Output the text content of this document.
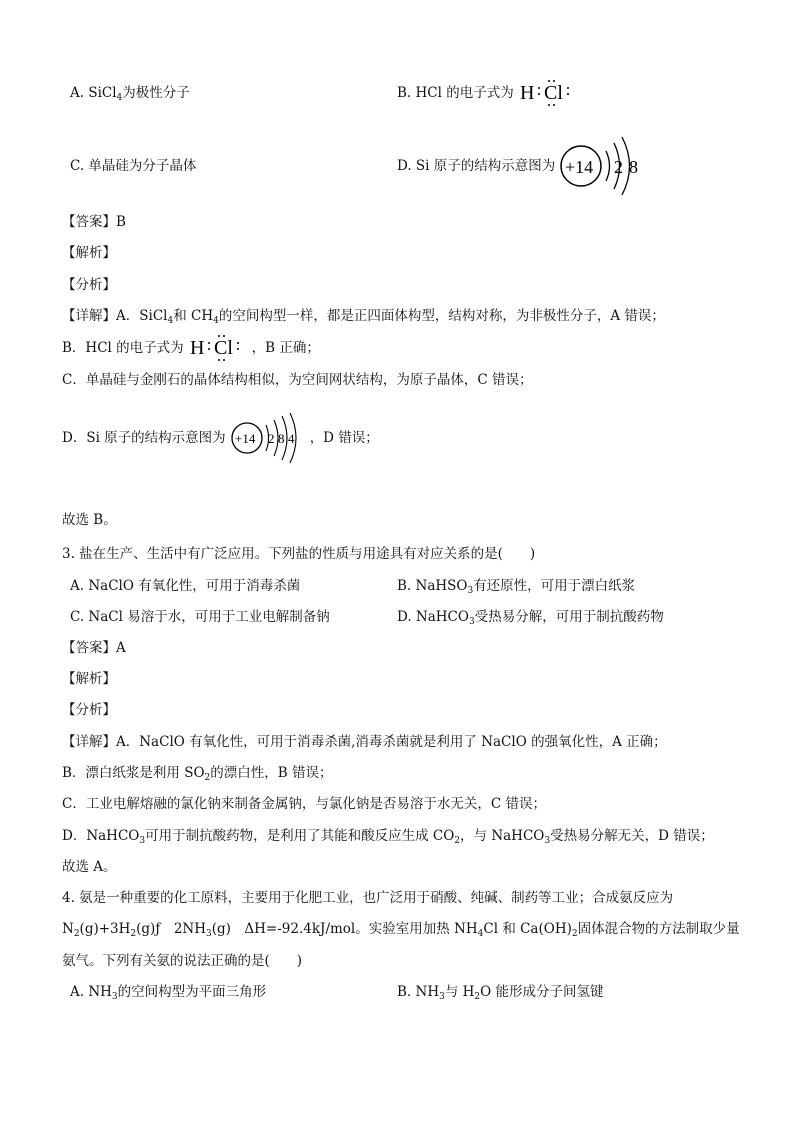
A. SiCl$_4$为极性分子	B. HCl 的电子式为 H Cl
C. 单晶硅为分子晶体	D. Si 原子的结构示意图为 +14 2 8
【答案】B
【解析】
【分析】
【详解】A．SiCl$_4$和 $CH_4$的空间构型一样，都是正四面体构型，结构对称，为非极性分子，A 错误；
B．HCl 的电子式为 H Cl ，B 正确；
C．单晶硅与金刚石的晶体结构相似，为空间网状结构，为原子晶体，C 错误；
D．Si 原子的结构示意图为 +14 2 8 4 ，D 错误；
故选 B。
3. 盐在生产、生活中有广泛应用。下列盐的性质与用途具有对应关系的是(　　)
A. NaClO 有氧化性，可用于消毒杀菌	B. NaHSO$_3$有还原性，可用于漂白纸浆
C. NaCl 易溶于水，可用于工业电解制备钠	D. NaHCO$_3$受热易分解，可用于制抗酸药物
【答案】A
【解析】
【分析】
【详解】A．NaClO 有氧化性，可用于消毒杀菌,消毒杀菌就是利用了 NaClO 的强氧化性，A 正确；
B．漂白纸浆是利用 $SO_2$的漂白性，B 错误；
C．工业电解熔融的氯化钠来制备金属钠，与氯化钠是否易溶于水无关，C 错误；
D．NaHCO$_3$可用于制抗酸药物，是利用了其能和酸反应生成 $CO_2$，与 NaHCO$_3$受热易分解无关，D 错误；
故选 A。
4. 氨是一种重要的化工原料，主要用于化肥工业，也广泛用于硝酸、纯碱、制药等工业；合成氨反应为
$N_2(g)+3H_2(g)ƒ$　$2NH_3(g)$　ΔH=-92.4kJ/mol。实验室用加热 $NH_4Cl$ 和 $Ca(OH)_2$固体混合物的方法制取少量
氨气。下列有关氨的说法正确的是(　　)
A. $NH_3$的空间构型为平面三角形	B. $NH_3$与 $H_2O$ 能形成分子间氢键
